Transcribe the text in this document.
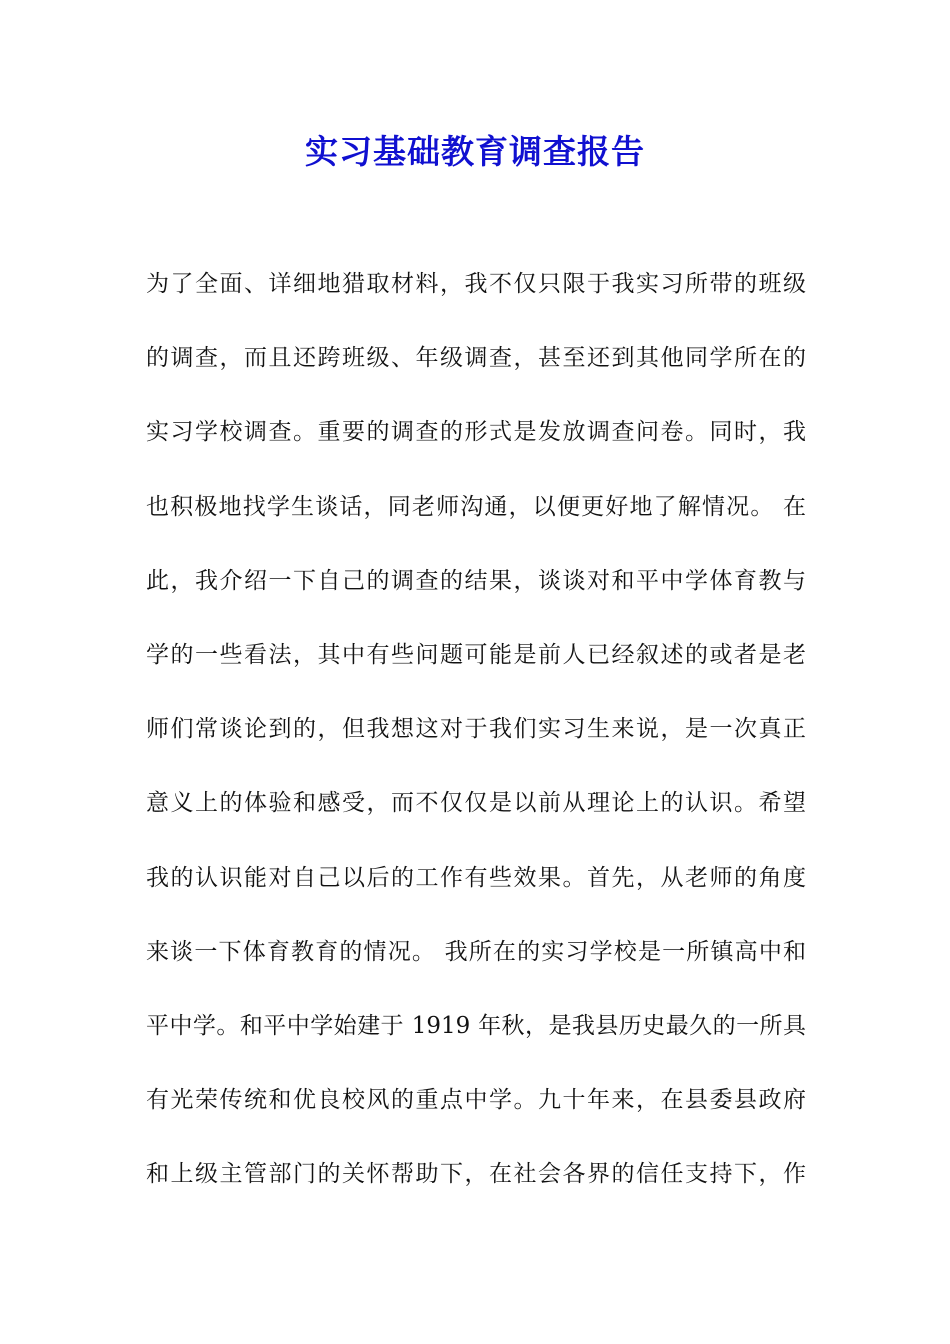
实习基础教育调查报告
为了全面、详细地猎取材料，我不仅只限于我实习所带的班级
的调查，而且还跨班级、年级调查，甚至还到其他同学所在的
实习学校调查。重要的调查的形式是发放调查问卷。同时，我
也积极地找学生谈话，同老师沟通，以便更好地了解情况。 在
此，我介绍一下自己的调查的结果，谈谈对和平中学体育教与
学的一些看法，其中有些问题可能是前人已经叙述的或者是老
师们常谈论到的，但我想这对于我们实习生来说，是一次真正
意义上的体验和感受，而不仅仅是以前从理论上的认识。希望
我的认识能对自己以后的工作有些效果。首先，从老师的角度
来谈一下体育教育的情况。 我所在的实习学校是一所镇高中和
平中学。和平中学始建于 1919 年秋，是我县历史最久的一所具
有光荣传统和优良校风的重点中学。九十年来，在县委县政府
和上级主管部门的关怀帮助下，在社会各界的信任支持下，作
